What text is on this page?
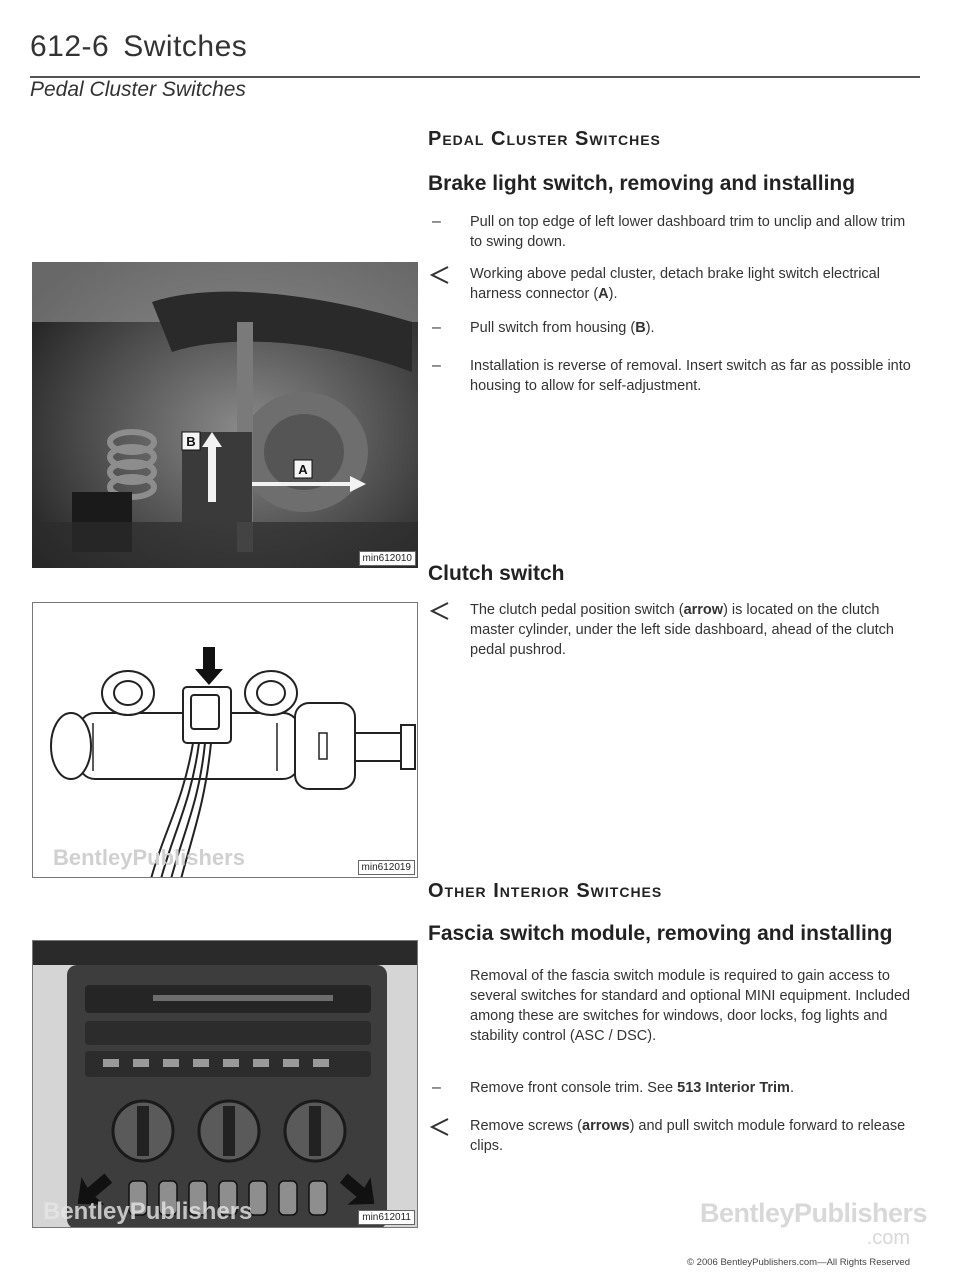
612-6 Switches
Pedal Cluster Switches
Pedal Cluster Switches
Brake light switch, removing and installing
–	Pull on top edge of left lower dashboard trim to unclip and allow trim to swing down.
Working above pedal cluster, detach brake light switch electrical harness connector (A).
–	Pull switch from housing (B).
–	Installation is reverse of removal. Insert switch as far as possible into housing to allow for self-adjustment.
Clutch switch
The clutch pedal position switch (arrow) is located on the clutch master cylinder, under the left side dashboard, ahead of the clutch pedal pushrod.
Other Interior Switches
Fascia switch module, removing and installing
Removal of the fascia switch module is required to gain access to several switches for standard and optional MINI equipment. Included among these are switches for windows, door locks, fog lights and stability control (ASC / DSC).
–	Remove front console trim. See 513 Interior Trim.
Remove screws (arrows) and pull switch module forward to release clips.
B
A
min612010
BentleyPublishers	min612019
BentleyPublishers	min612011	BentleyPublishers
.com
© 2006 BentleyPublishers.com—All Rights Reserved
